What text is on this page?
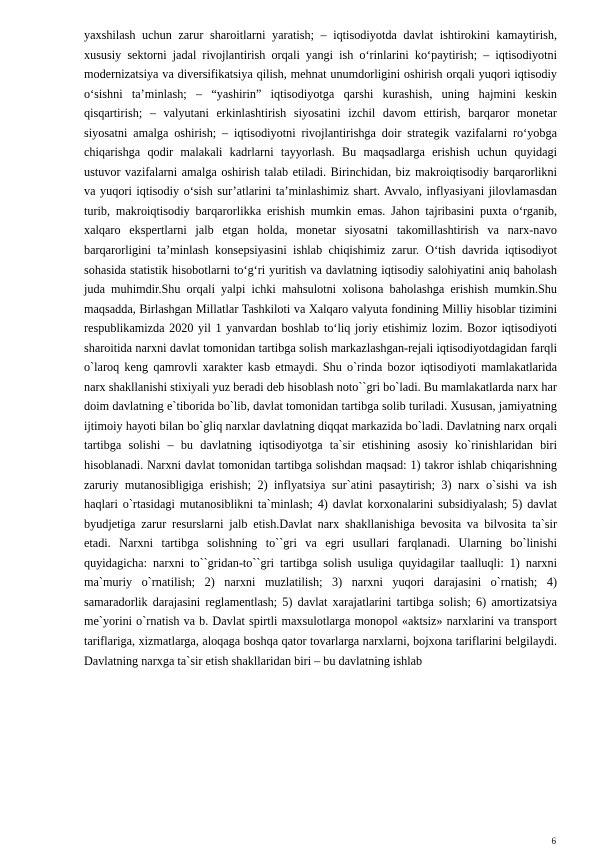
yaxshilash uchun zarur sharoitlarni yaratish; – iqtisodiyotda davlat ishtirokini kamaytirish, xususiy sektorni jadal rivojlantirish orqali yangi ish o‘rinlarini ko‘paytirish; – iqtisodiyotni modernizatsiya va diversifikatsiya qilish, mehnat unumdorligini oshirish orqali yuqori iqtisodiy o‘sishni ta’minlash; – “yashirin” iqtisodiyotga qarshi kurashish, uning hajmini keskin qisqartirish; – valyutani erkinlashtirish siyosatini izchil davom ettirish, barqaror monetar siyosatni amalga oshirish; – iqtisodiyotni rivojlantirishga doir strategik vazifalarni ro‘yobga chiqarishga qodir malakali kadrlarni tayyorlash. Bu maqsadlarga erishish uchun quyidagi ustuvor vazifalarni amalga oshirish talab etiladi. Birinchidan, biz makroiqtisodiy barqarorlikni va yuqori iqtisodiy o‘sish sur’atlarini ta’minlashimiz shart. Avvalo, inflyasiyani jilovlamasdan turib, makroiqtisodiy barqarorlikka erishish mumkin emas. Jahon tajribasini puxta o‘rganib, xalqaro ekspertlarni jalb etgan holda, monetar siyosatni takomillashtirish va narx-navo barqarorligini ta’minlash konsepsiyasini ishlab chiqishimiz zarur. O‘tish davrida iqtisodiyot sohasida statistik hisobotlarni to‘g‘ri yuritish va davlatning iqtisodiy salohiyatini aniq baholash juda muhimdir.Shu orqali yalpi ichki mahsulotni xolisona baholashga erishish mumkin.Shu maqsadda, Birlashgan Millatlar Tashkiloti va Xalqaro valyuta fondining Milliy hisoblar tizimini respublikamizda 2020 yil 1 yanvardan boshlab to‘liq joriy etishimiz lozim. Bozor iqtisodiyoti sharoitida narxni davlat tomonidan tartibga solish markazlashgan-rejali iqtisodiyotdagidan farqli o`laroq keng qamrovli xarakter kasb etmaydi. Shu o`rinda bozor iqtisodiyoti mamlakatlarida narx shakllanishi stixiyali yuz beradi deb hisoblash noto``gri bo`ladi. Bu mamlakatlarda narx har doim davlatning e`tiborida bo`lib, davlat tomonidan tartibga solib turiladi. Xususan, jamiyatning ijtimoiy hayoti bilan bo`gliq narxlar davlatning diqqat markazida bo`ladi. Davlatning narx orqali tartibga solishi – bu davlatning iqtisodiyotga ta`sir etishining asosiy ko`rinishlaridan biri hisoblanadi. Narxni davlat tomonidan tartibga solishdan maqsad: 1) takror ishlab chiqarishning zaruriy mutanosibligiga erishish; 2) inflyatsiya sur`atini pasaytirish; 3) narx o`sishi va ish haqlari o`rtasidagi mutanosiblikni ta`minlash; 4) davlat korxonalarini subsidiyalash; 5) davlat byudjetiga zarur resurslarni jalb etish.Davlat narx shakllanishiga bevosita va bilvosita ta`sir etadi. Narxni tartibga solishning to``gri va egri usullari farqlanadi. Ularning bo`linishi quyidagicha: narxni to``gridan-to``gri tartibga solish usuliga quyidagilar taalluqli: 1) narxni ma`muriy o`rnatilish; 2) narxni muzlatilish; 3) narxni yuqori darajasini o`rnatish; 4) samaradorlik darajasini reglamentlash; 5) davlat xarajatlarini tartibga solish; 6) amortizatsiya me`yorini o`rnatish va b. Davlat spirtli maxsulotlarga monopol «aktsiz» narxlarini va transport tariflariga, xizmatlarga, aloqaga boshqa qator tovarlarga narxlarni, bojxona tariflarini belgilaydi. Davlatning narxga ta`sir etish shakllaridan biri – bu davlatning ishlab

6
